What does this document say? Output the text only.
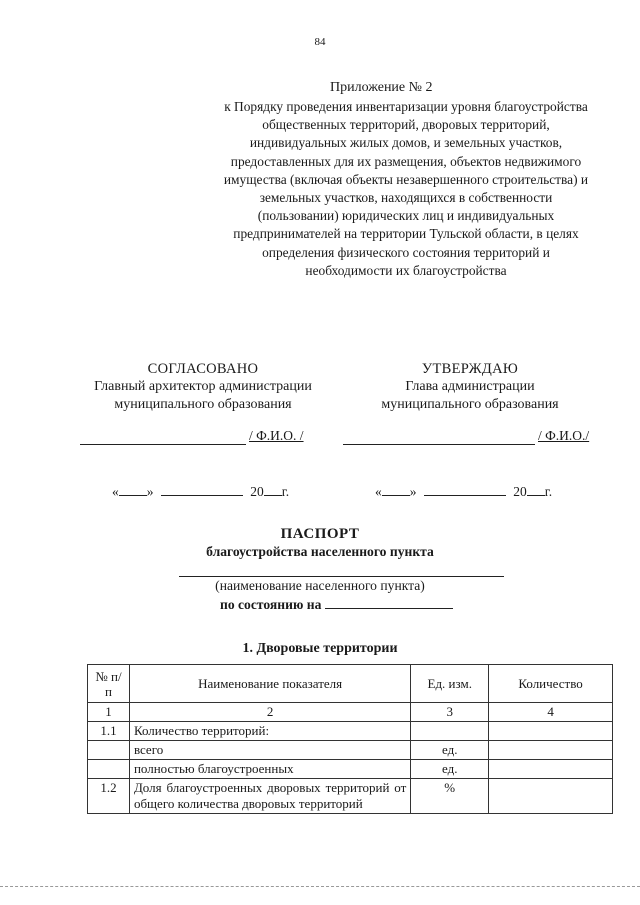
84
Приложение № 2
к Порядку проведения инвентаризации уровня благоустройства общественных территорий, дворовых территорий, индивидуальных жилых домов, и земельных участков, предоставленных для их размещения, объектов недвижимого имущества (включая объекты незавершенного строительства) и земельных участков, находящихся в собственности (пользовании) юридических лиц и индивидуальных предпринимателей на территории Тульской области, в целях определения физического состояния территорий и необходимости их благоустройства
СОГЛАСОВАНО
Главный архитектор администрации
муниципального образования
УТВЕРЖДАЮ
Глава администрации
муниципального образования
/ Ф.И.О. /	/ Ф.И.О./
« »	20 г.	« »	20 г.
ПАСПОРТ
благоустройства населенного пункта
(наименование населенного пункта)
по состоянию на
1. Дворовые территории
№ п/п	Наименование показателя	Ед. изм.	Количество
1	2	3	4
1.1	Количество территорий:		
	всего	ед.	
	полностью благоустроенных	ед.	
1.2	Доля благоустроенных дворовых территорий от общего количества дворовых территорий	%	
